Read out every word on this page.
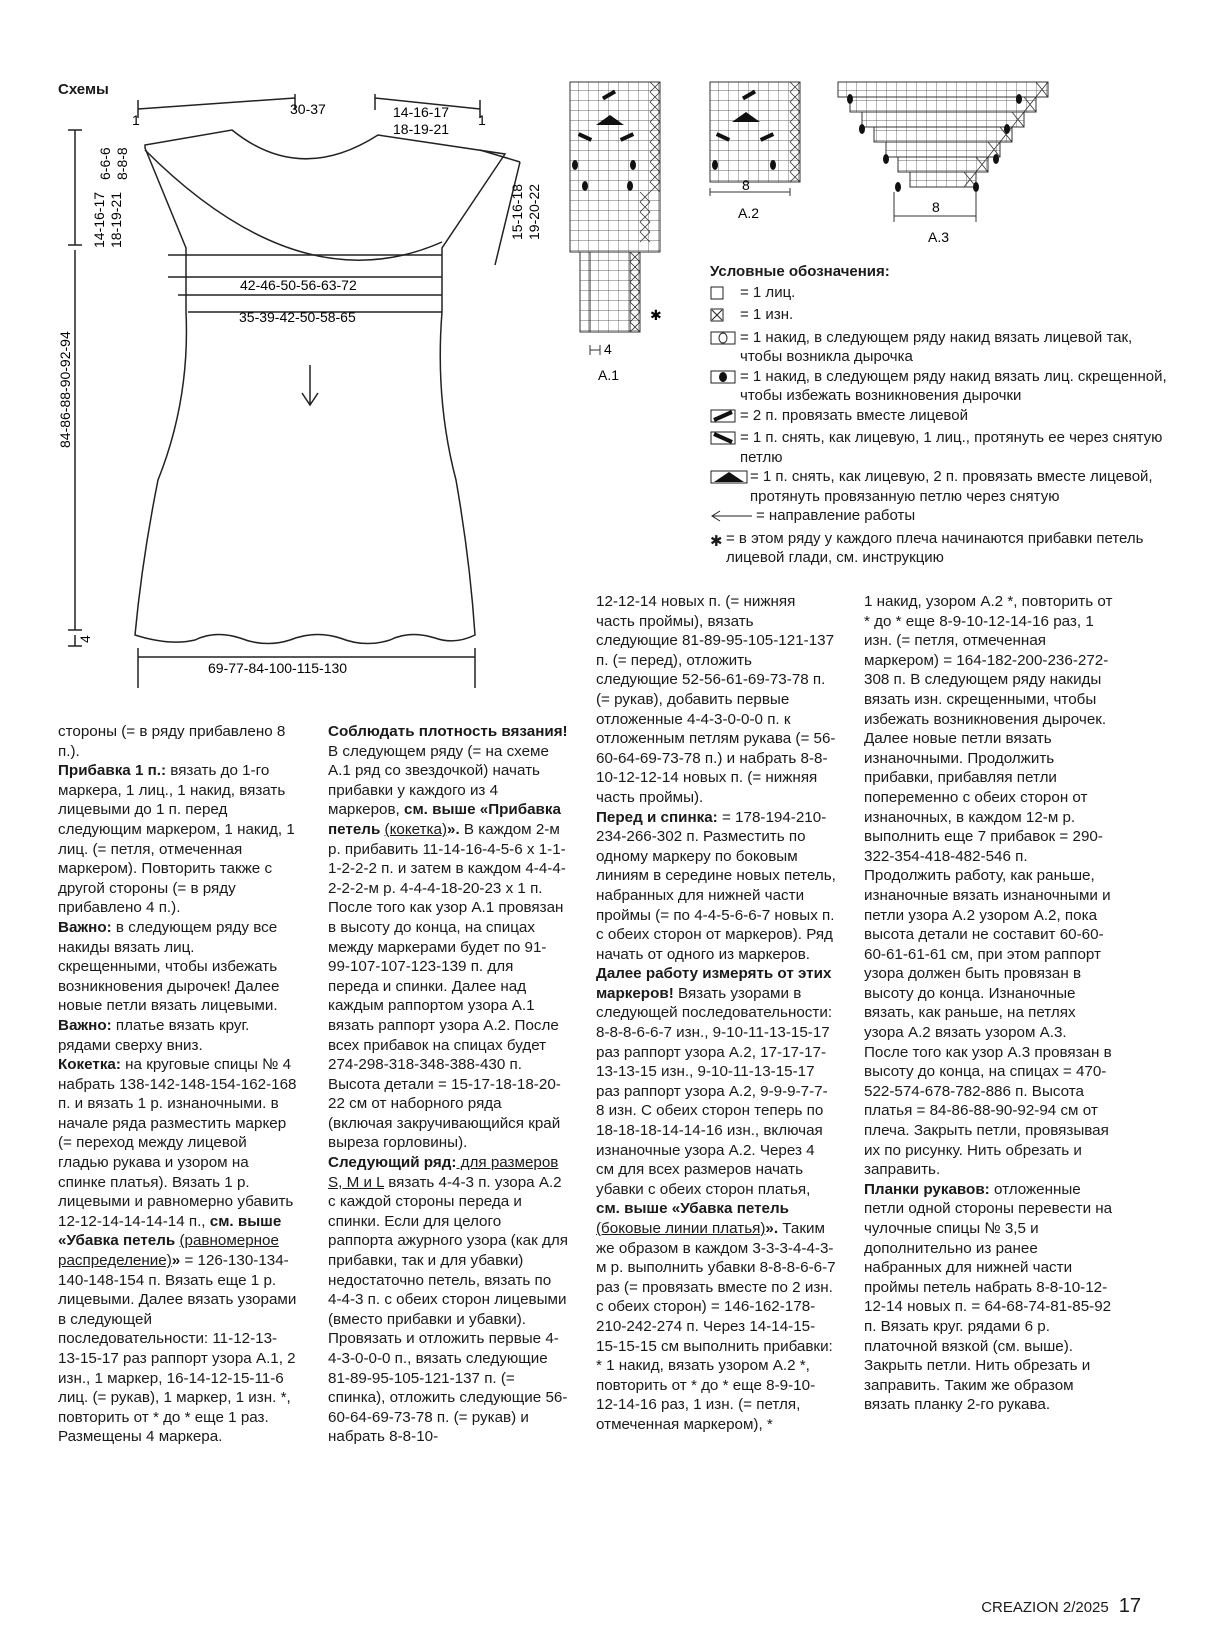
Схемы
1	1
30-37	14-16-17
18-19-21
42-46-50-56-63-72
35-39-42-50-58-65
69-77-84-100-115-130
6-6-6 8-8-8
14-16-17 18-19-21
84-86-88-90-92-94
4
15-16-18 19-20-22
4
A.1
✱
8
A.2	8
A.3
Условные обозначения:
= 1 лиц.
= 1 изн.
= 1 накид, в следующем ряду накид вязать лицевой так, чтобы возникла дырочка
= 1 накид, в следующем ряду накид вязать лиц. скрещенной, чтобы избежать возникновения дырочки
= 2 п. провязать вместе лицевой
= 1 п. снять, как лицевую, 1 лиц., протянуть ее через снятую петлю
= 1 п. снять, как лицевую, 2 п. провязать вместе лицевой, протянуть провязанную петлю через снятую
= направление работы
✱ = в этом ряду у каждого плеча начинаются прибавки петель лицевой глади, см. инструкцию

стороны (= в ряду прибавлено 8 п.).

Прибавка 1 п.: вязать до 1-го маркера, 1 лиц., 1 накид, вязать лицевыми до 1 п. перед следующим маркером, 1 накид, 1 лиц. (= петля, отмеченная маркером). Повторить также с другой стороны (= в ряду прибавлено 4 п.).

Важно: в следующем ряду все накиды вязать лиц. скрещенными, чтобы избежать возникновения дырочек! Далее новые петли вязать лицевыми.

Важно: платье вязать круг. рядами сверху вниз.

Кокетка: на круговые спицы № 4 набрать 138-142-148-154-162-168 п. и вязать 1 р. изнаночными. в начале ряда разместить маркер (= переход между лицевой гладью рукава и узором на спинке платья). Вязать 1 р. лицевыми и равномерно убавить 12-12-14-14-14-14 п., см. выше «Убавка петель (равномерное распределение)» = 126-130-134-140-148-154 п. Вязать еще 1 р. лицевыми. Далее вязать узорами в следующей последовательности: 11-12-13-13-15-17 раз раппорт узора А.1, 2 изн., 1 маркер, 16-14-12-15-11-6 лиц. (= рукав), 1 маркер, 1 изн. *, повторить от * до * еще 1 раз. Размещены 4 маркера.

Соблюдать плотность вязания!

В следующем ряду (= на схеме А.1 ряд со звездочкой) начать прибавки у каждого из 4 маркеров, см. выше «Прибавка петель (кокетка)». В каждом 2-м р. прибавить 11-14-16-4-5-6 х 1-1-1-2-2-2 п. и затем в каждом 4-4-4-2-2-2-м р. 4-4-4-18-20-23 х 1 п. После того как узор А.1 провязан в высоту до конца, на спицах между маркерами будет по 91-99-107-107-123-139 п. для переда и спинки. Далее над каждым раппортом узора А.1 вязать раппорт узора А.2. После всех прибавок на спицах будет 274-298-318-348-388-430 п. Высота детали = 15-17-18-18-20-22 см от наборного ряда (включая закручивающийся край выреза горловины).

Следующий ряд: для размеров S, M и L вязать 4-4-3 п. узора А.2 с каждой стороны переда и спинки. Если для целого раппорта ажурного узора (как для прибавки, так и для убавки) недостаточно петель, вязать по 4-4-3 п. с обеих сторон лицевыми (вместо прибавки и убавки). Провязать и отложить первые 4-4-3-0-0-0 п., вязать следующие 81-89-95-105-121-137 п. (= спинка), отложить следующие 56-60-64-69-73-78 п. (= рукав) и набрать 8-8-10-

12-12-14 новых п. (= нижняя часть проймы), вязать следующие 81-89-95-105-121-137 п. (= перед), отложить следующие 52-56-61-69-73-78 п. (= рукав), добавить первые отложенные 4-4-3-0-0-0 п. к отложенным петлям рукава (= 56-60-64-69-73-78 п.) и набрать 8-8-10-12-12-14 новых п. (= нижняя часть проймы).

Перед и спинка: = 178-194-210-234-266-302 п. Разместить по одному маркеру по боковым линиям в середине новых петель, набранных для нижней части проймы (= по 4-4-5-6-6-7 новых п. с обеих сторон от маркеров). Ряд начать от одного из маркеров.

Далее работу измерять от этих маркеров! Вязать узорами в следующей последовательности: 8-8-8-6-6-7 изн., 9-10-11-13-15-17 раз раппорт узора А.2, 17-17-17-13-13-15 изн., 9-10-11-13-15-17 раз раппорт узора А.2, 9-9-9-7-7-8 изн. С обеих сторон теперь по 18-18-18-14-14-16 изн., включая изнаночные узора А.2. Через 4 см для всех размеров начать убавки с обеих сторон платья, см. выше «Убавка петель (боковые линии платья)». Таким же образом в каждом 3-3-3-4-4-3-м р. выполнить убавки 8-8-8-6-6-7 раз (= провязать вместе по 2 изн. с обеих сторон) = 146-162-178-210-242-274 п. Через 14-14-15-15-15-15 см выполнить прибавки: * 1 накид, вязать узором А.2 *, повторить от * до * еще 8-9-10-12-14-16 раз, 1 изн. (= петля, отмеченная маркером), *

1 накид, узором А.2 *, повторить от * до * еще 8-9-10-12-14-16 раз, 1 изн. (= петля, отмеченная маркером) = 164-182-200-236-272-308 п. В следующем ряду накиды вязать изн. скрещенными, чтобы избежать возникновения дырочек. Далее новые петли вязать изнаночными. Продолжить прибавки, прибавляя петли попеременно с обеих сторон от изнаночных, в каждом 12-м р. выполнить еще 7 прибавок = 290-322-354-418-482-546 п. Продолжить работу, как раньше, изнаночные вязать изнаночными и петли узора А.2 узором А.2, пока высота детали не составит 60-60-60-61-61-61 см, при этом раппорт узора должен быть провязан в высоту до конца. Изнаночные вязать, как раньше, на петлях узора А.2 вязать узором А.3. После того как узор А.3 провязан в высоту до конца, на спицах = 470-522-574-678-782-886 п. Высота платья = 84-86-88-90-92-94 см от плеча. Закрыть петли, провязывая их по рисунку. Нить обрезать и заправить.

Планки рукавов: отложенные петли одной стороны перевести на чулочные спицы № 3,5 и дополнительно из ранее набранных для нижней части проймы петель набрать 8-8-10-12-12-14 новых п. = 64-68-74-81-85-92 п. Вязать круг. рядами 6 р. платочной вязкой (см. выше). Закрыть петли. Нить обрезать и заправить. Таким же образом вязать планку 2-го рукава.

CREAZION 2/2025 17
